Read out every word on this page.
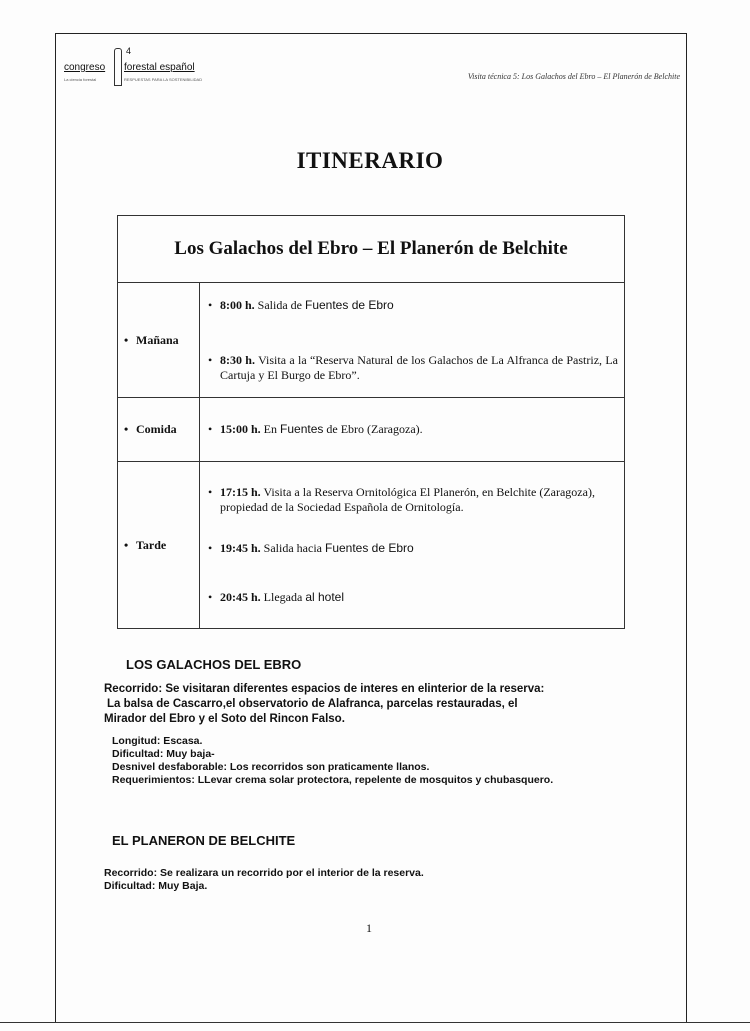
congreso
4
forestal español
La ciencia forestal	RESPUESTAS PARA LA SOSTENIBILIDAD	Visita técnica 5: Los Galachos del Ebro – El Planerón de Belchite
ITINERARIO
Los Galachos del Ebro – El Planerón de Belchite	
• Mañana	• 8:00 h. Salida de Fuentes de Ebro
• 8:30 h. Visita a la “Reserva Natural de los Galachos de La Alfranca de Pastriz, La Cartuja y El Burgo de Ebro”.

• Comida	• 15:00 h. En Fuentes de Ebro (Zaragoza).

• Tarde	• 17:15 h. Visita a la Reserva Ornitológica El Planerón, en Belchite (Zaragoza), propiedad de la Sociedad Española de Ornitología.
• 19:45 h. Salida hacia Fuentes de Ebro
• 20:45 h. Llegada al hotel
LOS GALACHOS DEL EBRO
Recorrido: Se visitaran diferentes espacios de interes en elinterior de la reserva:
La balsa de Cascarro,el observatorio de Alafranca, parcelas restauradas, el
Mirador del Ebro y el Soto del Rincon Falso.
Longitud: Escasa.
Dificultad: Muy baja-
Desnivel desfaborable: Los recorridos son praticamente llanos.
Requerimientos: LLevar crema solar protectora, repelente de mosquitos y chubasquero.
EL PLANERON DE BELCHITE
Recorrido: Se realizara un recorrido por el interior de la reserva.
Dificultad: Muy Baja.
1
